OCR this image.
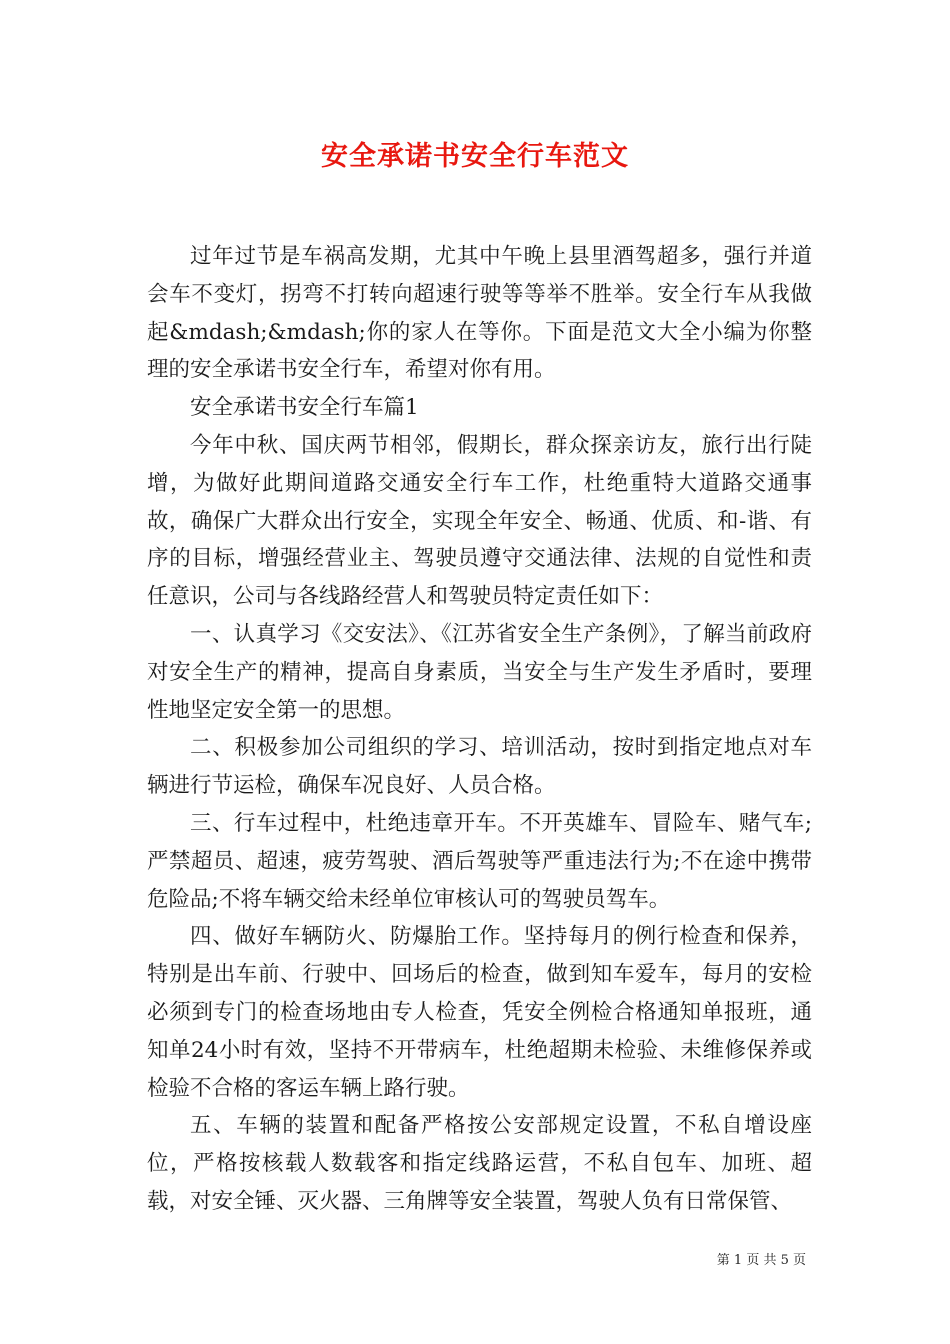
安全承诺书安全行车范文

过年过节是车祸高发期，尤其中午晚上县里酒驾超多，强行并道会车不变灯，拐弯不打转向超速行驶等等举不胜举。安全行车从我做起&mdash;&mdash;你的家人在等你。下面是范文大全小编为你整理的安全承诺书安全行车，希望对你有用。

安全承诺书安全行车篇1

今年中秋、国庆两节相邻，假期长，群众探亲访友，旅行出行陡增，为做好此期间道路交通安全行车工作，杜绝重特大道路交通事故，确保广大群众出行安全，实现全年安全、畅通、优质、和-谐、有序的目标，增强经营业主、驾驶员遵守交通法律、法规的自觉性和责任意识，公司与各线路经营人和驾驶员特定责任如下：

一、认真学习《交安法》、《江苏省安全生产条例》，了解当前政府对安全生产的精神，提高自身素质，当安全与生产发生矛盾时，要理性地坚定安全第一的思想。

二、积极参加公司组织的学习、培训活动，按时到指定地点对车辆进行节运检，确保车况良好、人员合格。

三、行车过程中，杜绝违章开车。不开英雄车、冒险车、赌气车;严禁超员、超速，疲劳驾驶、酒后驾驶等严重违法行为;不在途中携带危险品;不将车辆交给未经单位审核认可的驾驶员驾车。

四、做好车辆防火、防爆胎工作。坚持每月的例行检查和保养，特别是出车前、行驶中、回场后的检查，做到知车爱车，每月的安检必须到专门的检查场地由专人检查，凭安全例检合格通知单报班，通知单24小时有效，坚持不开带病车，杜绝超期未检验、未维修保养或检验不合格的客运车辆上路行驶。

五、车辆的装置和配备严格按公安部规定设置，不私自增设座位，严格按核载人数载客和指定线路运营，不私自包车、加班、超载，对安全锤、灭火器、三角牌等安全装置，驾驶人负有日常保管、

第 1 页 共 5 页
